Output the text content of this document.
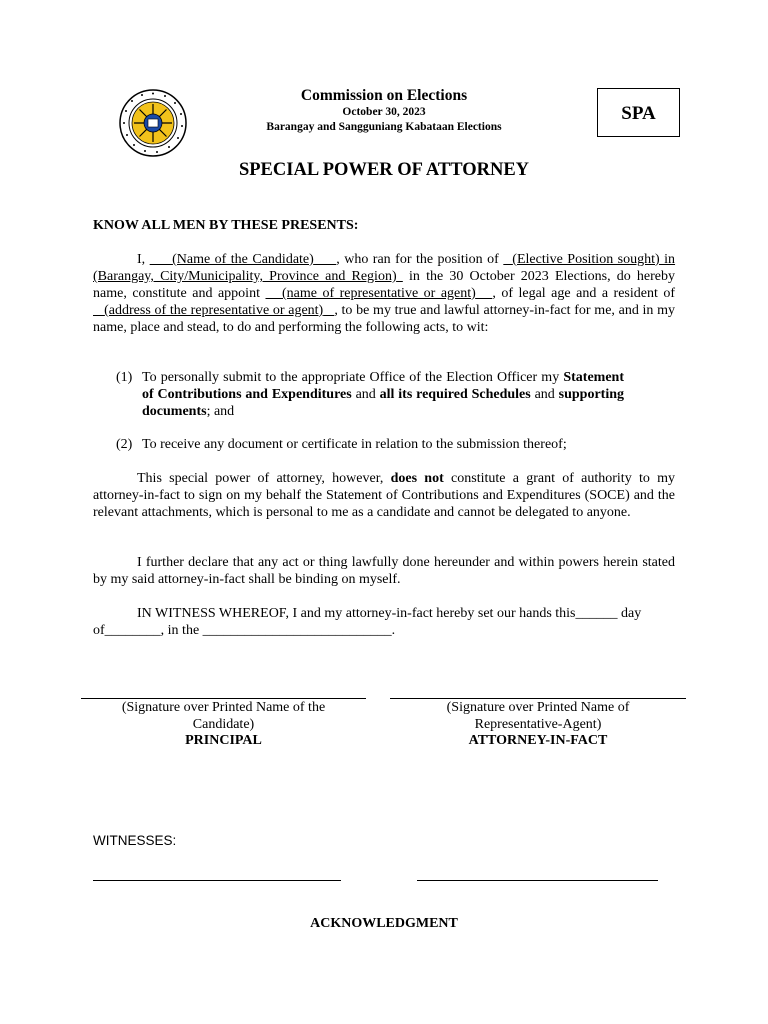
Commission on Elections
October 30, 2023
Barangay and Sangguniang Kabataan Elections
SPA
SPECIAL POWER OF ATTORNEY
KNOW ALL MEN BY THESE PRESENTS:
I, (Name of the Candidate) , who ran for the position of (Elective Position sought) in (Barangay, City/Municipality, Province and Region) in the 30 October 2023 Elections, do hereby name, constitute and appoint (name of representative or agent) , of legal age and a resident of    (address of the representative or agent) , to be my true and lawful attorney-in-fact for me, and in my name, place and stead, to do and performing the following acts, to wit:
(1) To personally submit to the appropriate Office of the Election Officer my Statement of Contributions and Expenditures and all its required Schedules and supporting documents; and
(2) To receive any document or certificate in relation to the submission thereof;
This special power of attorney, however, does not constitute a grant of authority to my attorney-in-fact to sign on my behalf the Statement of Contributions and Expenditures (SOCE) and the relevant attachments, which is personal to me as a candidate and cannot be delegated to anyone.
I further declare that any act or thing lawfully done hereunder and within powers herein stated by my said attorney-in-fact shall be binding on myself.
IN WITNESS WHEREOF, I and my attorney-in-fact hereby set our hands this______ day of________, in the ___________________________.
(Signature over Printed Name of the Candidate)
PRINCIPAL
(Signature over Printed Name of Representative-Agent)
ATTORNEY-IN-FACT
WITNESSES:
ACKNOWLEDGMENT
